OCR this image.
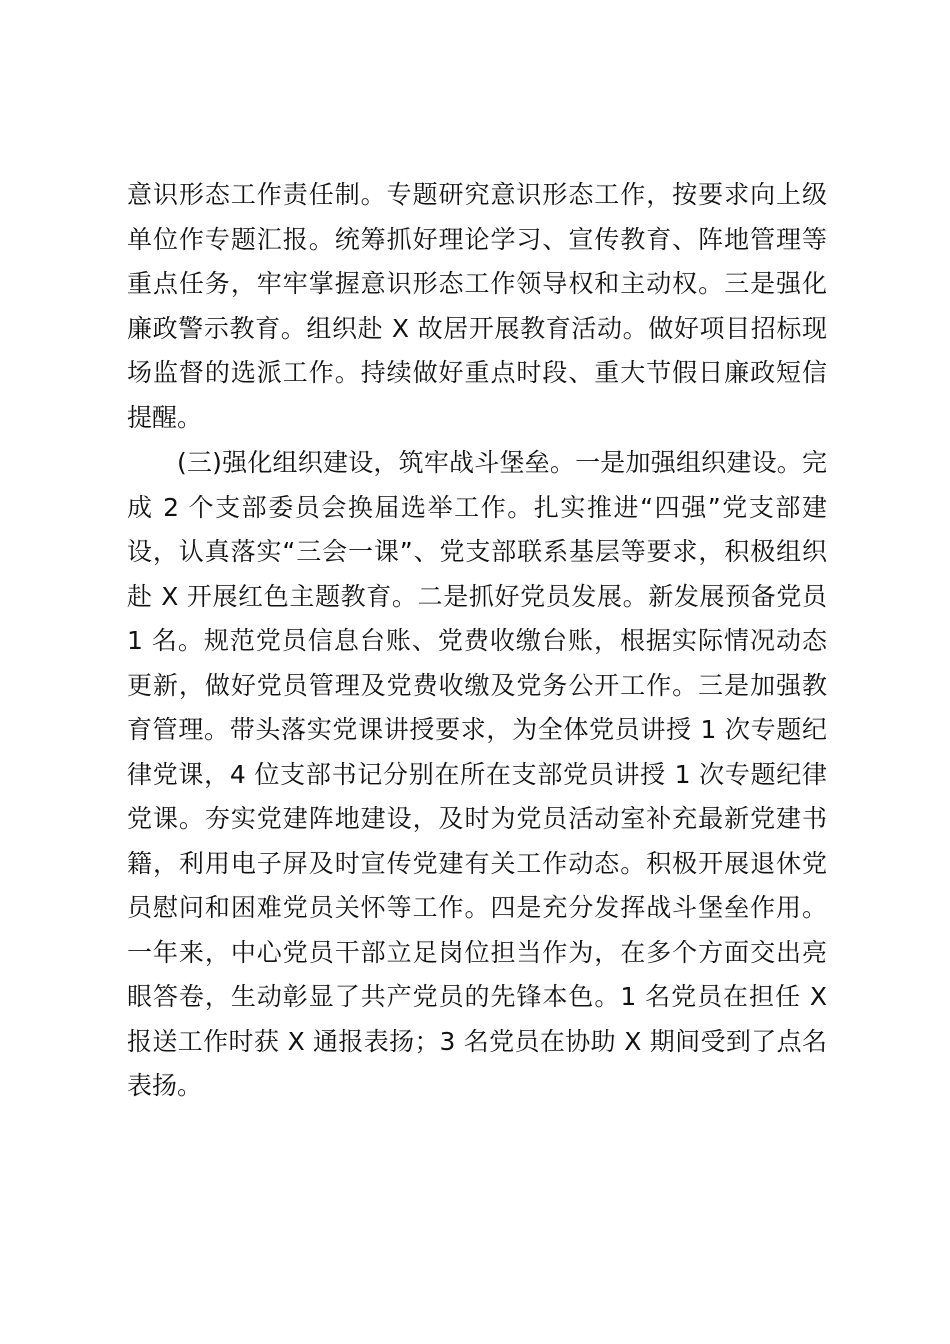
意识形态工作责任制。专题研究意识形态工作，按要求向上级
单位作专题汇报。统筹抓好理论学习、宣传教育、阵地管理等
重点任务，牢牢掌握意识形态工作领导权和主动权。三是强化
廉政警示教育。组织赴 X 故居开展教育活动。做好项目招标现
场监督的选派工作。持续做好重点时段、重大节假日廉政短信
提醒。
(三)强化组织建设，筑牢战斗堡垒。一是加强组织建设。完
成 2 个支部委员会换届选举工作。扎实推进“四强”党支部建
设，认真落实“三会一课”、党支部联系基层等要求，积极组织
赴 X 开展红色主题教育。二是抓好党员发展。新发展预备党员
1 名。规范党员信息台账、党费收缴台账，根据实际情况动态
更新，做好党员管理及党费收缴及党务公开工作。三是加强教
育管理。带头落实党课讲授要求，为全体党员讲授 1 次专题纪
律党课，4 位支部书记分别在所在支部党员讲授 1 次专题纪律
党课。夯实党建阵地建设，及时为党员活动室补充最新党建书
籍，利用电子屏及时宣传党建有关工作动态。积极开展退休党
员慰问和困难党员关怀等工作。四是充分发挥战斗堡垒作用。
一年来，中心党员干部立足岗位担当作为，在多个方面交出亮
眼答卷，生动彰显了共产党员的先锋本色。1 名党员在担任 X
报送工作时获 X 通报表扬；3 名党员在协助 X 期间受到了点名
表扬。
